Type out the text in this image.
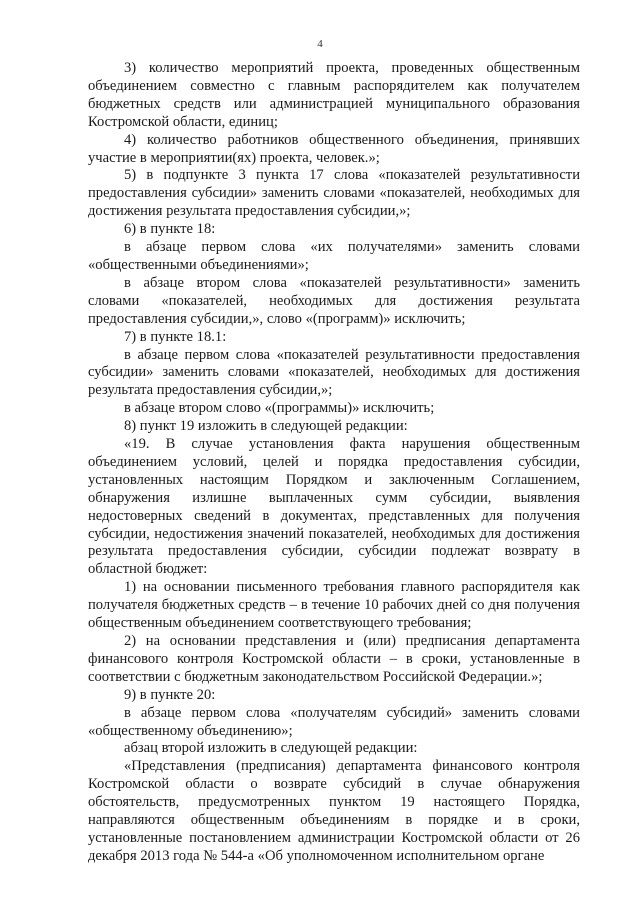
4

3) количество мероприятий проекта, проведенных общественным объединением совместно с главным распорядителем как получателем бюджетных средств или администрацией муниципального образования Костромской области, единиц;

4) количество работников общественного объединения, принявших участие в мероприятии(ях) проекта, человек.»;

5) в подпункте 3 пункта 17 слова «показателей результативности предоставления субсидии» заменить словами «показателей, необходимых для достижения результата предоставления субсидии,»;

6) в пункте 18:

в абзаце первом слова «их получателями» заменить словами «общественными объединениями»;

в абзаце втором слова «показателей результативности» заменить словами «показателей, необходимых для достижения результата предоставления субсидии,», слово «(программ)» исключить;

7) в пункте 18.1:

в абзаце первом слова «показателей результативности предоставления субсидии» заменить словами «показателей, необходимых для достижения результата предоставления субсидии,»;

в абзаце втором слово «(программы)» исключить;

8) пункт 19 изложить в следующей редакции:

«19. В случае установления факта нарушения общественным объединением условий, целей и порядка предоставления субсидии, установленных настоящим Порядком и заключенным Соглашением, обнаружения излишне выплаченных сумм субсидии, выявления недостоверных сведений в документах, представленных для получения субсидии, недостижения значений показателей, необходимых для достижения результата предоставления субсидии, субсидии подлежат возврату в областной бюджет:

1) на основании письменного требования главного распорядителя как получателя бюджетных средств – в течение 10 рабочих дней со дня получения общественным объединением соответствующего требования;

2) на основании представления и (или) предписания департамента финансового контроля Костромской области – в сроки, установленные в соответствии с бюджетным законодательством Российской Федерации.»;

9) в пункте 20:

в абзаце первом слова «получателям субсидий» заменить словами «общественному объединению»;

абзац второй изложить в следующей редакции:

«Представления (предписания) департамента финансового контроля Костромской области о возврате субсидий в случае обнаружения обстоятельств, предусмотренных пунктом 19 настоящего Порядка, направляются общественным объединениям в порядке и в сроки, установленные постановлением администрации Костромской области от 26 декабря 2013 года № 544-а «Об уполномоченном исполнительном органе
